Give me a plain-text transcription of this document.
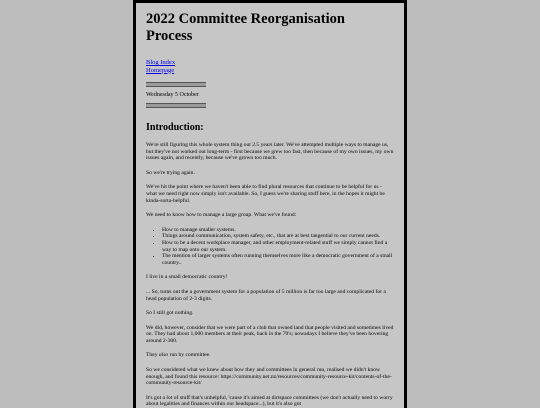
2022 Committee Reorganisation Process
Blog Index
Homepage
Wednesday 5 October
Introduction:

We're still figuring this whole system thing out 2.5 years later. We've attempted multiple ways to manage us, but they've not worked out long-term - first because we grew too fast, then because of my own issues, my own issues again, and recently, because we've grown too much.

So we're trying again.

We've hit the point where we haven't been able to find plural resources that continue to be helpful for us - what we need right now simply isn't available. So, I guess we're sharing stuff here, in the hopes it might be kinda-sorta-helpful.

We need to know how to manage a large group. What we've found:

• How to manage smaller systems.
• Things around communication, system safety, etc., that are at best tangential to our current needs.
• How to be a decent workplace manager, and other employment-related stuff we simply cannot find a way to map onto our system.
• The mention of larger systems often running themselves more like a democratic government of a small country..

I live in a small democratic country!

... So, turns out the a government system for a population of 5 million is far too large and complicated for a head population of 2-3 digits.

So I still got nothing.

We did, however, consider that we were part of a club that owned land that people visited and sometimes lived on. They had about 1,000 members at their peak, back in the 70's; nowadays I believe they've been hovering around 2-300.

They also run by committee.

So we considered what we knew about how they and committees in general run, realised we didn't know enough, and found this resource: https://community.net.nz/resources/community-resource-kit/contents-of-the-community-resource-kit/

It's got a lot of stuff that's unhelpful, 'cause it's aimed at dirtspace committees (we don't actually need to worry about legalities and finances within our headspace...), but it's also got
